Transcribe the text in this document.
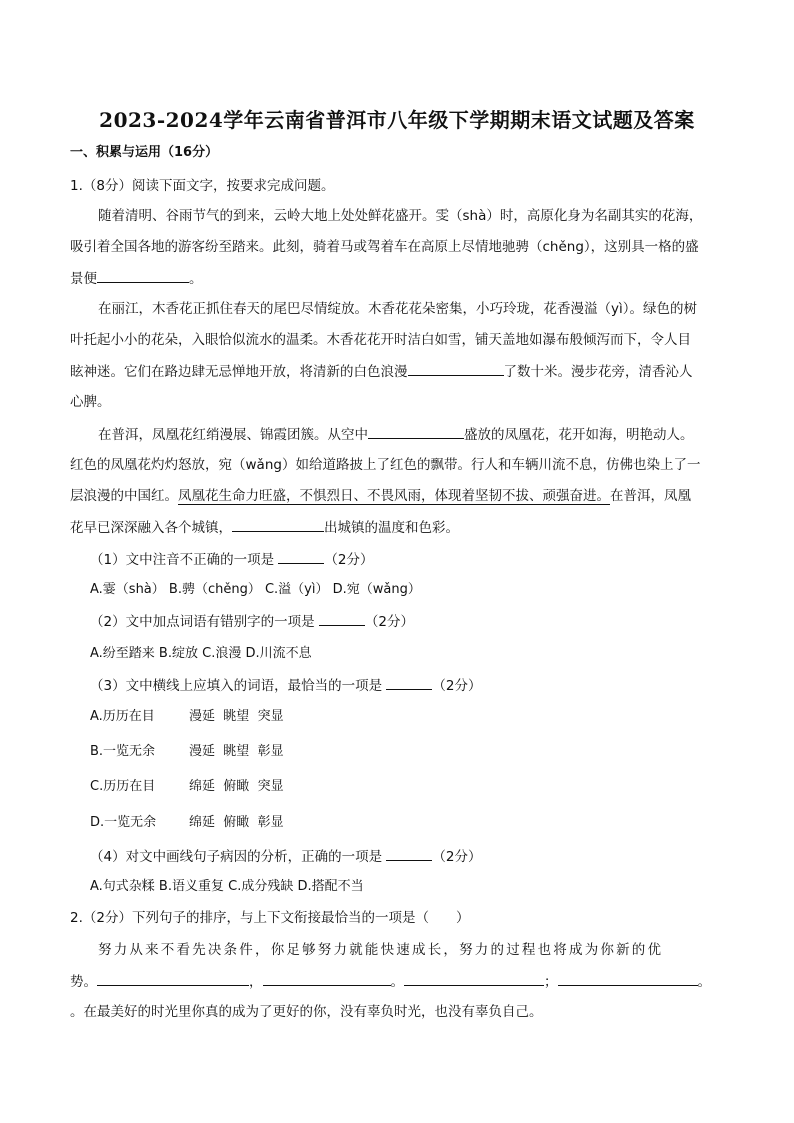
2023-2024学年云南省普洱市八年级下学期期末语文试题及答案
一、积累与运用（16分）
1.（8分）阅读下面文字，按要求完成问题。
随着清明、谷雨节气的到来，云岭大地上处处鲜花盛开。雯（shà）时，高原化身为名副其实的花海，
吸引着全国各地的游客纷至踏来。此刻，骑着马或驾着车在高原上尽情地驰骋（chěng），这别具一格的盛
景便	。
在丽江，木香花正抓住春天的尾巴尽情绽放。木香花花朵密集，小巧玲珑，花香漫溢（yì）。绿色的树
叶托起小小的花朵，入眼恰似流水的温柔。木香花花开时洁白如雪，铺天盖地如瀑布般倾泻而下，令人目
眩神迷。它们在路边肆无忌惮地开放，将清新的白色浪漫	了数十米。漫步花旁，清香沁人
心脾。
在普洱，凤凰花红绡漫展、锦霞团簇。从空中	盛放的凤凰花，花开如海，明艳动人。
红色的凤凰花灼灼怒放，宛（wǎng）如给道路披上了红色的飘带。行人和车辆川流不息，仿佛也染上了一
层浪漫的中国红。凤凰花生命力旺盛，不惧烈日、不畏风雨，体现着坚韧不拔、顽强奋进。在普洱，凤凰
花早已深深融入各个城镇，	出城镇的温度和色彩。
（1）文中注音不正确的一项是	（2分）
A.霎（shà） B.骋（chěng） C.溢（yì） D.宛（wǎng）
（2）文中加点词语有错别字的一项是	（2分）
A.纷至踏来 B.绽放 C.浪漫 D.川流不息
（3）文中横线上应填入的词语，最恰当的一项是	（2分）
A.历历在目	漫延 眺望 突显
B.一览无余	漫延 眺望 彰显
C.历历在目	绵延 俯瞰 突显
D.一览无余	绵延 俯瞰 彰显
（4）对文中画线句子病因的分析，正确的一项是	（2分）
A.句式杂糅 B.语义重复 C.成分残缺 D.搭配不当
2.（2分）下列句子的排序，与上下文衔接最恰当的一项是（　　）
努力从来不看先决条件，你足够努力就能快速成长，努力的过程也将成为你新的优
势。	，	。	；	。
。在最美好的时光里你真的成为了更好的你，没有辜负时光，也没有辜负自己。
